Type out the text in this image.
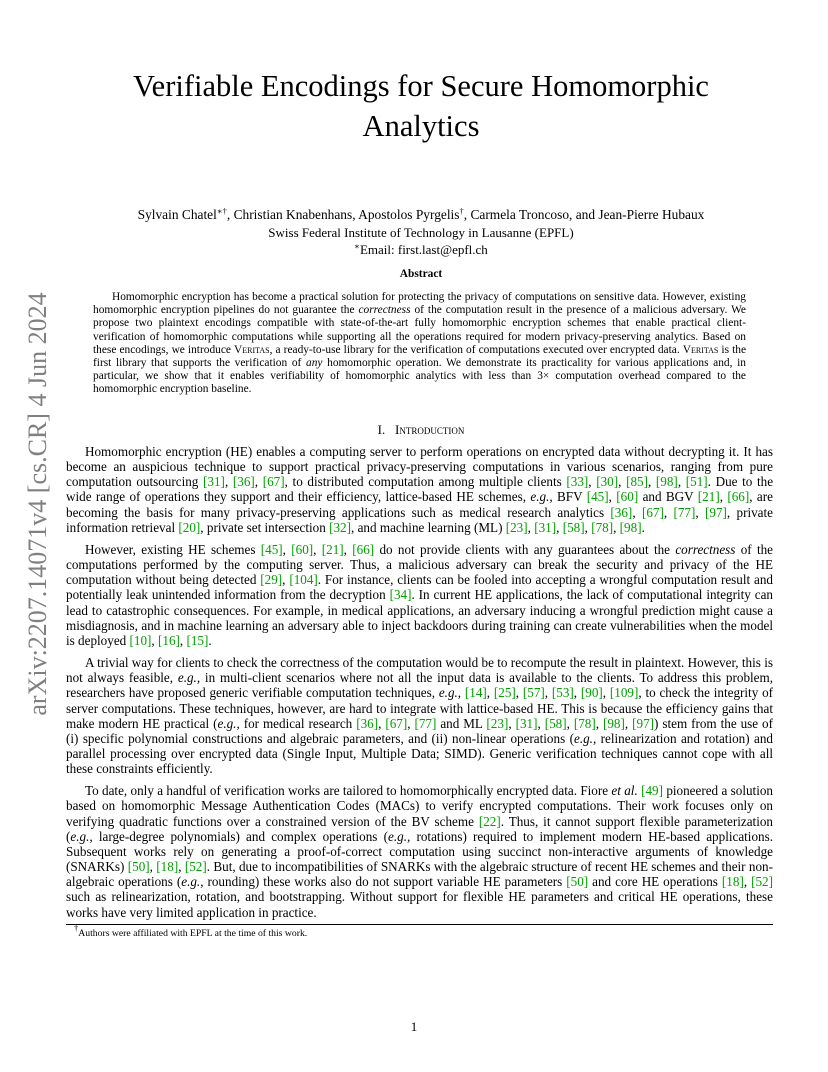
arXiv:2207.14071v4 [cs.CR] 4 Jun 2024
Verifiable Encodings for Secure Homomorphic
Analytics
Sylvain Chatel∗†, Christian Knabenhans, Apostolos Pyrgelis†, Carmela Troncoso, and Jean-Pierre Hubaux
Swiss Federal Institute of Technology in Lausanne (EPFL)
∗Email: first.last@epfl.ch
Abstract

Homomorphic encryption has become a practical solution for protecting the privacy of computations on sensitive data. However, existing homomorphic encryption pipelines do not guarantee the correctness of the computation result in the presence of a malicious adversary. We propose two plaintext encodings compatible with state-of-the-art fully homomorphic encryption schemes that enable practical client-verification of homomorphic computations while supporting all the operations required for modern privacy-preserving analytics. Based on these encodings, we introduce Veritas, a ready-to-use library for the verification of computations executed over encrypted data. Veritas is the first library that supports the verification of any homomorphic operation. We demonstrate its practicality for various applications and, in particular, we show that it enables verifiability of homomorphic analytics with less than 3× computation overhead compared to the homomorphic encryption baseline.

I. Introduction

Homomorphic encryption (HE) enables a computing server to perform operations on encrypted data without decrypting it. It has become an auspicious technique to support practical privacy-preserving computations in various scenarios, ranging from pure computation outsourcing [31], [36], [67], to distributed computation among multiple clients [33], [30], [85], [98], [51]. Due to the wide range of operations they support and their efficiency, lattice-based HE schemes, e.g., BFV [45], [60] and BGV [21], [66], are becoming the basis for many privacy-preserving applications such as medical research analytics [36], [67], [77], [97], private information retrieval [20], private set intersection [32], and machine learning (ML) [23], [31], [58], [78], [98].

However, existing HE schemes [45], [60], [21], [66] do not provide clients with any guarantees about the correctness of the computations performed by the computing server. Thus, a malicious adversary can break the security and privacy of the HE computation without being detected [29], [104]. For instance, clients can be fooled into accepting a wrongful computation result and potentially leak unintended information from the decryption [34]. In current HE applications, the lack of computational integrity can lead to catastrophic consequences. For example, in medical applications, an adversary inducing a wrongful prediction might cause a misdiagnosis, and in machine learning an adversary able to inject backdoors during training can create vulnerabilities when the model is deployed [10], [16], [15].

A trivial way for clients to check the correctness of the computation would be to recompute the result in plaintext. However, this is not always feasible, e.g., in multi-client scenarios where not all the input data is available to the clients. To address this problem, researchers have proposed generic verifiable computation techniques, e.g., [14], [25], [57], [53], [90], [109], to check the integrity of server computations. These techniques, however, are hard to integrate with lattice-based HE. This is because the efficiency gains that make modern HE practical (e.g., for medical research [36], [67], [77] and ML [23], [31], [58], [78], [98], [97]) stem from the use of (i) specific polynomial constructions and algebraic parameters, and (ii) non-linear operations (e.g., relinearization and rotation) and parallel processing over encrypted data (Single Input, Multiple Data; SIMD). Generic verification techniques cannot cope with all these constraints efficiently.

To date, only a handful of verification works are tailored to homomorphically encrypted data. Fiore et al. [49] pioneered a solution based on homomorphic Message Authentication Codes (MACs) to verify encrypted computations. Their work focuses only on verifying quadratic functions over a constrained version of the BV scheme [22]. Thus, it cannot support flexible parameterization (e.g., large-degree polynomials) and complex operations (e.g., rotations) required to implement modern HE-based applications. Subsequent works rely on generating a proof-of-correct computation using succinct non-interactive arguments of knowledge (SNARKs) [50], [18], [52]. But, due to incompatibilities of SNARKs with the algebraic structure of recent HE schemes and their non-algebraic operations (e.g., rounding) these works also do not support variable HE parameters [50] and core HE operations [18], [52] such as relinearization, rotation, and bootstrapping. Without support for flexible HE parameters and critical HE operations, these works have very limited application in practice.

†Authors were affiliated with EPFL at the time of this work.
1
